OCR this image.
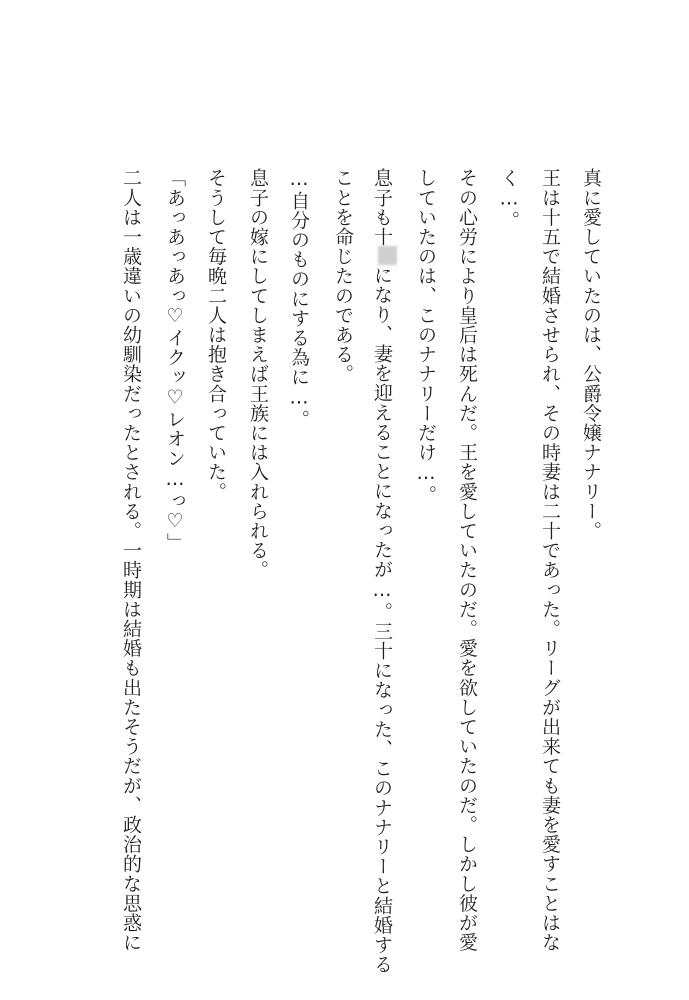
真に愛していたのは、公爵令嬢ナナリー。
王は十五で結婚させられ、その時妻は二十であった。リーグが出来ても妻を愛すことはな
く…。
その心労により皇后は死んだ。王を愛していたのだ。愛を欲していたのだ。しかし彼が愛
していたのは、このナナリーだけ…。
息子も十になり、妻を迎えることになったが…。三十になった、このナナリーと結婚する
ことを命じたのである。
…自分のものにする為に…。
息子の嫁にしてしまえば王族には入れられる。
そうして毎晩二人は抱き合っていた。
「あっあっあっ♡イクッ♡レオン…っ♡」
二人は一歳違いの幼馴染だったとされる。一時期は結婚も出たそうだが、政治的な思惑に
